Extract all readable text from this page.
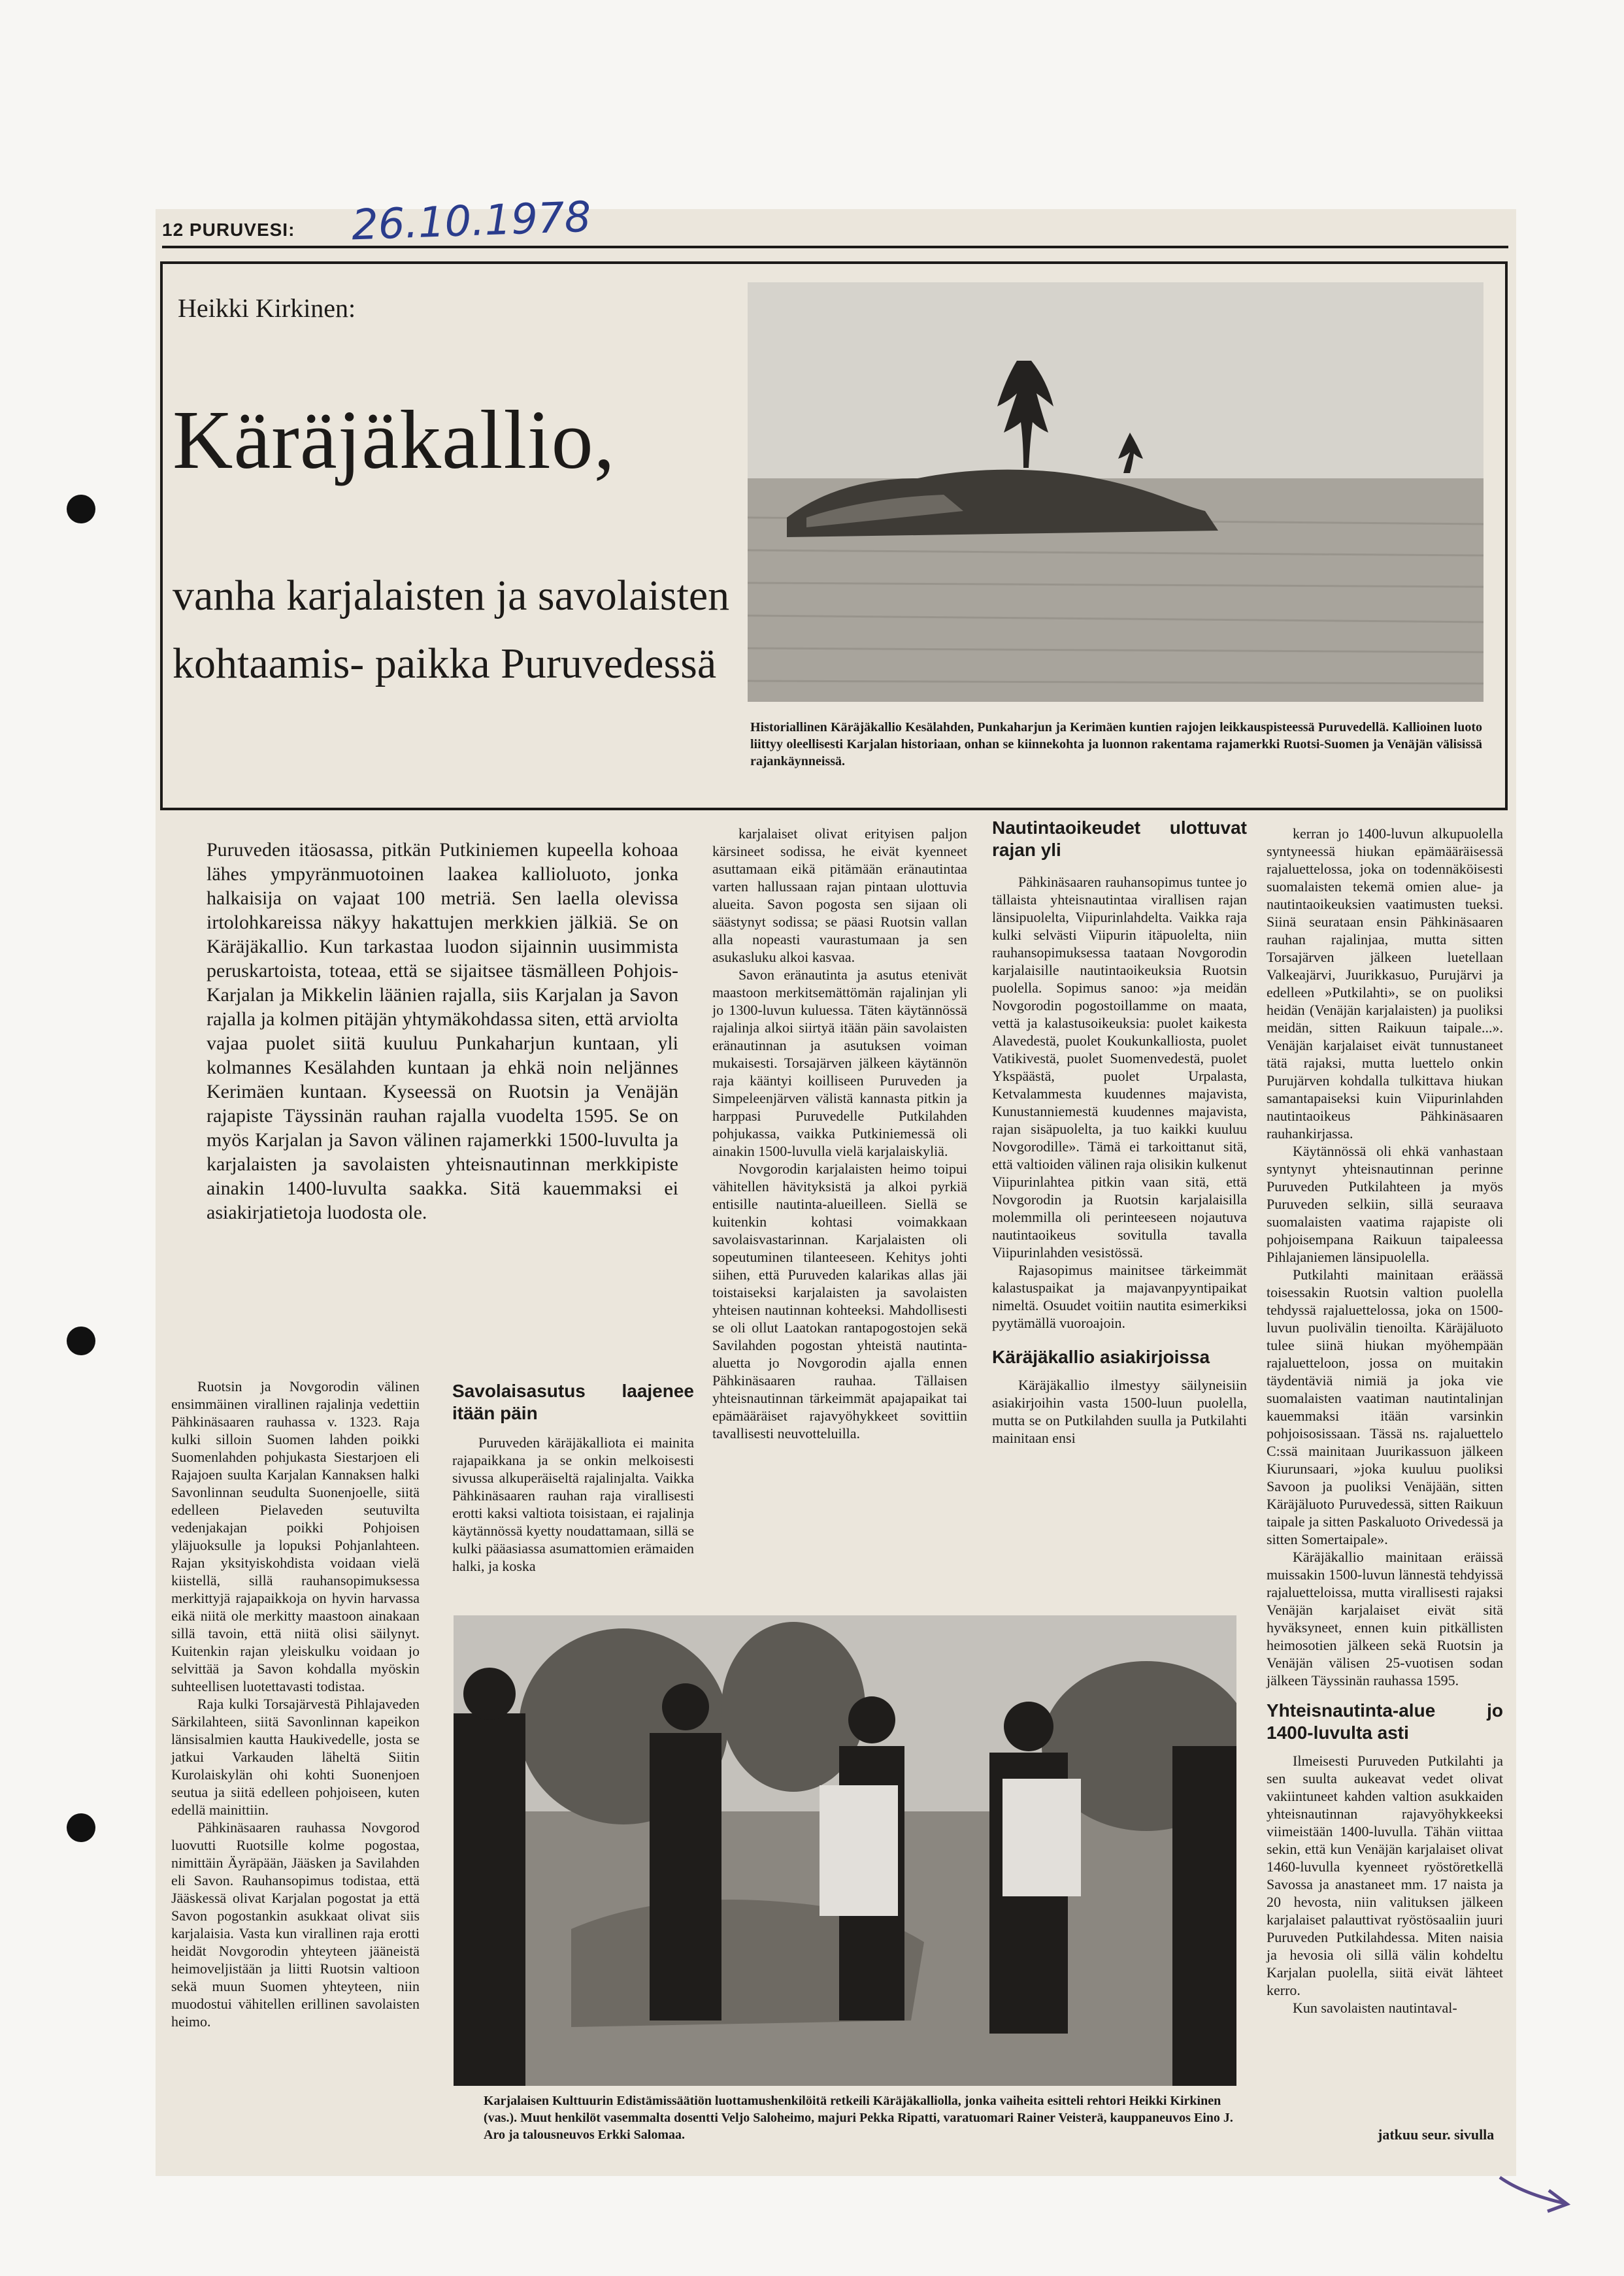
12 PURUVESI: 26.10.1978
Heikki Kirkinen:
Käräjäkallio,
vanha karjalaisten ja savolaisten kohtaamis- paikka Puruvedessä
Historiallinen Käräjäkallio Kesälahden, Punkaharjun ja Kerimäen kuntien rajojen leikkauspisteessä Puruvedellä. Kallioinen luoto liittyy oleellisesti Karjalan historiaan, onhan se kiinnekohta ja luonnon rakentama rajamerkki Ruotsi-Suomen ja Venäjän välisissä rajankäynneissä.
Puruveden itäosassa, pitkän Putkiniemen kupeella kohoaa lähes ympyränmuotoinen laakea kallioluoto, jonka halkaisija on vajaat 100 metriä. Sen laella olevissa irtolohkareissa näkyy hakattujen merkkien jälkiä. Se on Käräjäkallio. Kun tarkastaa luodon sijainnin uusimmista peruskartoista, toteaa, että se sijaitsee täsmälleen Pohjois-Karjalan ja Mikkelin läänien rajalla, siis Karjalan ja Savon rajalla ja kolmen pitäjän yhtymäkohdassa siten, että arviolta vajaa puolet siitä kuuluu Punkaharjun kuntaan, yli kolmannes Kesälahden kuntaan ja ehkä noin neljännes Kerimäen kuntaan. Kyseessä on Ruotsin ja Venäjän rajapiste Täyssinän rauhan rajalla vuodelta 1595. Se on myös Karjalan ja Savon välinen rajamerkki 1500-luvulta ja karjalaisten ja savolaisten yhteisnautinnan merkkipiste ainakin 1400-luvulta saakka. Sitä kauemmaksi ei asiakirjatietoja luodosta ole.

Ruotsin ja Novgorodin välinen ensimmäinen virallinen rajalinja vedettiin Pähkinäsaaren rauhassa v. 1323. Raja kulki silloin Suomen lahden poikki Suomenlahden pohjukasta Siestarjoen eli Rajajoen suulta Karjalan Kannaksen halki Savonlinnan seudulta Suonenjoelle, siitä edelleen Pielaveden seutuvilta vedenjakajan poikki Pohjoisen yläjuoksulle ja lopuksi Pohjanlahteen. Rajan yksityiskohdista voidaan vielä kiistellä, sillä rauhansopimuksessa merkittyjä rajapaikkoja on hyvin harvassa eikä niitä ole merkitty maastoon ainakaan sillä tavoin, että niitä olisi säilynyt. Kuitenkin rajan yleiskulku voidaan jo selvittää ja Savon kohdalla myöskin suhteellisen luotettavasti todistaa.

Raja kulki Torsajärvestä Pihlajaveden Särkilahteen, siitä Savonlinnan kapeikon länsisalmien kautta Haukivedelle, josta se jatkui Varkauden läheltä Siitin Kurolaiskylän ohi kohti Suonenjoen seutua ja siitä edelleen pohjoiseen, kuten edellä mainittiin.

Pähkinäsaaren rauhassa Novgorod luovutti Ruotsille kolme pogostaa, nimittäin Äyräpään, Jääsken ja Savilahden eli Savon. Rauhansopimus todistaa, että Jääskessä olivat Karjalan pogostat ja että Savon pogostankin asukkaat olivat siis karjalaisia. Vasta kun virallinen raja erotti heidät Novgorodin yhteyteen jääneistä heimoveljistään ja liitti Ruotsin valtioon sekä muun Suomen yhteyteen, niin muodostui vähitellen erillinen savolaisten heimo.

Savolaisasutus laajenee itään päin

Puruveden käräjäkalliota ei mainita rajapaikkana ja se onkin melkoisesti sivussa alkuperäiseltä rajalinjalta. Vaikka Pähkinäsaaren rauhan raja virallisesti erotti kaksi valtiota toisistaan, ei rajalinja käytännössä kyetty noudattamaan, sillä se kulki pääasiassa asumattomien erämaiden halki, ja koska

karjalaiset olivat erityisen paljon kärsineet sodissa, he eivät kyenneet asuttamaan eikä pitämään eränautintaa varten hallussaan rajan pintaan ulottuvia alueita. Savon pogosta sen sijaan oli säästynyt sodissa; se päasi Ruotsin vallan alla nopeasti vaurastumaan ja sen asukasluku alkoi kasvaa.

Savon eränautinta ja asutus etenivät maastoon merkitsemättömän rajalinjan yli jo 1300-luvun kuluessa. Täten käytännössä rajalinja alkoi siirtyä itään päin savolaisten eränautinnan ja asutuksen voiman mukaisesti. Torsajärven jälkeen käytännön raja kääntyi koilliseen Puruveden ja Simpeleenjärven välistä kannasta pitkin ja harppasi Puruvedelle Putkilahden pohjukassa, vaikka Putkiniemessä oli ainakin 1500-luvulla vielä karjalaiskyliä.

Novgorodin karjalaisten heimo toipui vähitellen hävityksistä ja alkoi pyrkiä entisille nautinta-alueilleen. Siellä se kuitenkin kohtasi voimakkaan savolaisvastarinnan. Karjalaisten oli sopeutuminen tilanteeseen. Kehitys johti siihen, että Puruveden kalarikas allas jäi toistaiseksi karjalaisten ja savolaisten yhteisen nautinnan kohteeksi. Mahdollisesti se oli ollut Laatokan rantapogostojen sekä Savilahden pogostan yhteistä nautinta-aluetta jo Novgorodin ajalla ennen Pähkinäsaaren rauhaa. Tällaisen yhteisnautinnan tärkeimmät apajapaikat tai epämääräiset rajavyöhykkeet sovittiin tavallisesti neuvotteluilla.

Nautintaoikeudet ulottuvat rajan yli

Pähkinäsaaren rauhansopimus tuntee jo tällaista yhteisnautintaa virallisen rajan länsipuolelta, Viipurinlahdelta. Vaikka raja kulki selvästi Viipurin itäpuolelta, niin rauhansopimuksessa taataan Novgorodin karjalaisille nautintaoikeuksia Ruotsin puolella. Sopimus sanoo: »ja meidän Novgorodin pogostoillamme on maata, vettä ja kalastusoikeuksia: puolet kaikesta Alavedestä, puolet Koukunkalliosta, puolet Vatikivestä, puolet Suomenvedestä, puolet Ykspäästä, puolet Urpalasta, Ketvalammesta kuudennes majavista, Kunustanniemestä kuudennes majavista, rajan sisäpuolelta, ja tuo kaikki kuuluu Novgorodille». Tämä ei tarkoittanut sitä, että valtioiden välinen raja olisikin kulkenut Viipurinlahtea pitkin vaan sitä, että Novgorodin ja Ruotsin karjalaisilla molemmilla oli perinteeseen nojautuva nautintaoikeus sovitulla tavalla Viipurinlahden vesistössä.

Rajasopimus mainitsee tärkeimmät kalastuspaikat ja majavanpyyntipaikat nimeltä. Osuudet voitiin nautita esimerkiksi pyytämällä vuoroajoin.

Käräjäkallio asiakirjoissa

Käräjäkallio ilmestyy säilyneisiin asiakirjoihin vasta 1500-luun puolella, mutta se on Putkilahden suulla ja Putkilahti mainitaan ensi

kerran jo 1400-luvun alkupuolella syntyneessä hiukan epämääräisessä rajaluettelossa, joka on todennäköisesti suomalaisten tekemä omien alue- ja nautintaoikeuksien vaatimusten tueksi. Siinä seurataan ensin Pähkinäsaaren rauhan rajalinjaa, mutta sitten Torsajärven jälkeen luetellaan Valkeajärvi, Juurikkasuo, Purujärvi ja edelleen »Putkilahti», se on puoliksi heidän (Venäjän karjalaisten) ja puoliksi meidän, sitten Raikuun taipale...». Venäjän karjalaiset eivät tunnustaneet tätä rajaksi, mutta luettelo onkin Purujärven kohdalla tulkittava hiukan samantapaiseksi kuin Viipurinlahden nautintaoikeus Pähkinäsaaren rauhankirjassa.

Käytännössä oli ehkä vanhastaan syntynyt yhteisnautinnan perinne Puruveden Putkilahteen ja myös Puruveden selkiin, sillä seuraava suomalaisten vaatima rajapiste oli pohjoisempana Raikuun taipaleessa Pihlajaniemen länsipuolella.

Putkilahti mainitaan eräässä toisessakin Ruotsin valtion puolella tehdyssä rajaluettelossa, joka on 1500-luvun puolivälin tienoilta. Käräjäluoto tulee siinä hiukan myöhempään rajaluetteloon, jossa on muitakin täydentäviä nimiä ja joka vie suomalaisten vaatiman nautintalinjan kauemmaksi itään varsinkin pohjoisosissaan. Tässä ns. rajaluettelo C:ssä mainitaan Juurikassuon jälkeen Kiurunsaari, »joka kuuluu puoliksi Savoon ja puoliksi Venäjään, sitten Käräjäluoto Puruvedessä, sitten Raikuun taipale ja sitten Paskaluoto Orivedessä ja sitten Somertaipale».

Käräjäkallio mainitaan eräissä muissakin 1500-luvun lännestä tehdyissä rajaluetteloissa, mutta virallisesti rajaksi Venäjän karjalaiset eivät sitä hyväksyneet, ennen kuin pitkällisten heimosotien jälkeen sekä Ruotsin ja Venäjän välisen 25-vuotisen sodan jälkeen Täyssinän rauhassa 1595.

Yhteisnautinta-alue jo 1400-luvulta asti

Ilmeisesti Puruveden Putkilahti ja sen suulta aukeavat vedet olivat vakiintuneet kahden valtion asukkaiden yhteisnautinnan rajavyöhykkeeksi viimeistään 1400-luvulla. Tähän viittaa sekin, että kun Venäjän karjalaiset olivat 1460-luvulla kyenneet ryöstöretkellä Savossa ja anastaneet mm. 17 naista ja 20 hevosta, niin valituksen jälkeen karjalaiset palauttivat ryöstösaaliin juuri Puruveden Putkilahdessa. Miten naisia ja hevosia oli sillä välin kohdeltu Karjalan puolella, siitä eivät lähteet kerro.

Kun savolaisten nautintaval-

Karjalaisen Kulttuurin Edistämissäätiön luottamushenkilöitä retkeili Käräjäkalliolla, jonka vaiheita esitteli rehtori Heikki Kirkinen (vas.). Muut henkilöt vasemmalta dosentti Veljo Saloheimo, majuri Pekka Ripatti, varatuomari Rainer Veisterä, kauppaneuvos Eino J. Aro ja talousneuvos Erkki Salomaa.	jatkuu seur. sivulla
